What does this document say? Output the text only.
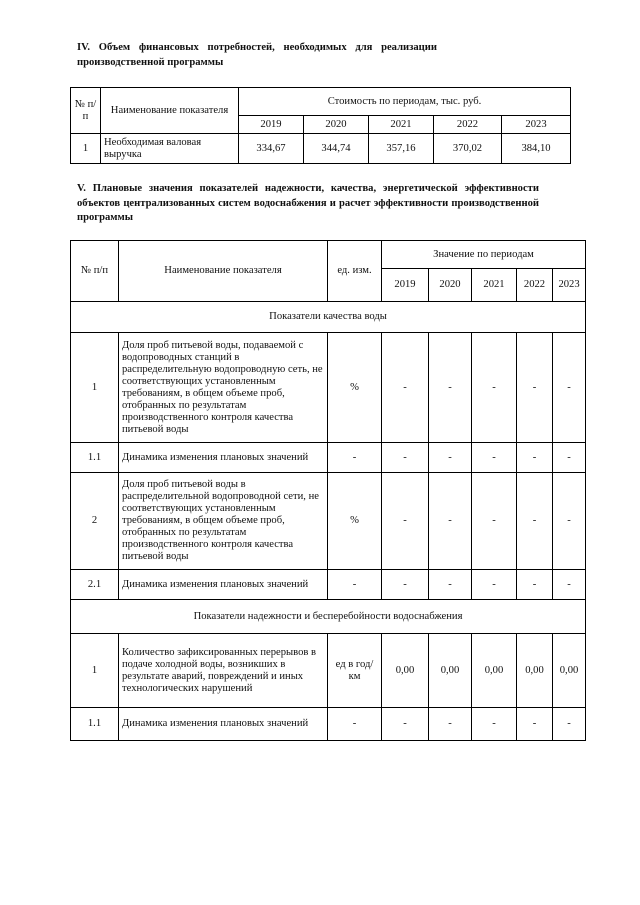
IV. Объем финансовых потребностей, необходимых для реализации производственной программы
№ п/п	Наименование показателя	Стоимость по периодам, тыс. руб.				
		2019	2020	2021	2022	2023
1	Необходимая валовая выручка	334,67	344,74	357,16	370,02	384,10
V. Плановые значения показателей надежности, качества, энергетической эффективности объектов централизованных систем водоснабжения и расчет эффективности производственной программы
№ п/п	Наименование показателя	ед. изм.	Значение по периодам				
			2019	2020	2021	2022	2023
Показатели качества воды							
1	Доля проб питьевой воды, подаваемой с водопроводных станций в распределительную водопроводную сеть, не соответствующих установленным требованиям, в общем объеме проб, отобранных по результатам производственного контроля качества питьевой воды	%	-	-	-	-	-
1.1	Динамика изменения плановых значений	-	-	-	-	-	-
2	Доля проб питьевой воды в распределительной водопроводной сети, не соответствующих установленным требованиям, в общем объеме проб, отобранных по результатам производственного контроля качества питьевой воды	%	-	-	-	-	-
2.1	Динамика изменения плановых значений	-	-	-	-	-	-
Показатели надежности и бесперебойности водоснабжения							
1	Количество зафиксированных перерывов в подаче холодной воды, возникших в результате аварий, повреждений и иных технологических нарушений	ед в год/ км	0,00	0,00	0,00	0,00	0,00
1.1	Динамика изменения плановых значений	-	-	-	-	-	-
